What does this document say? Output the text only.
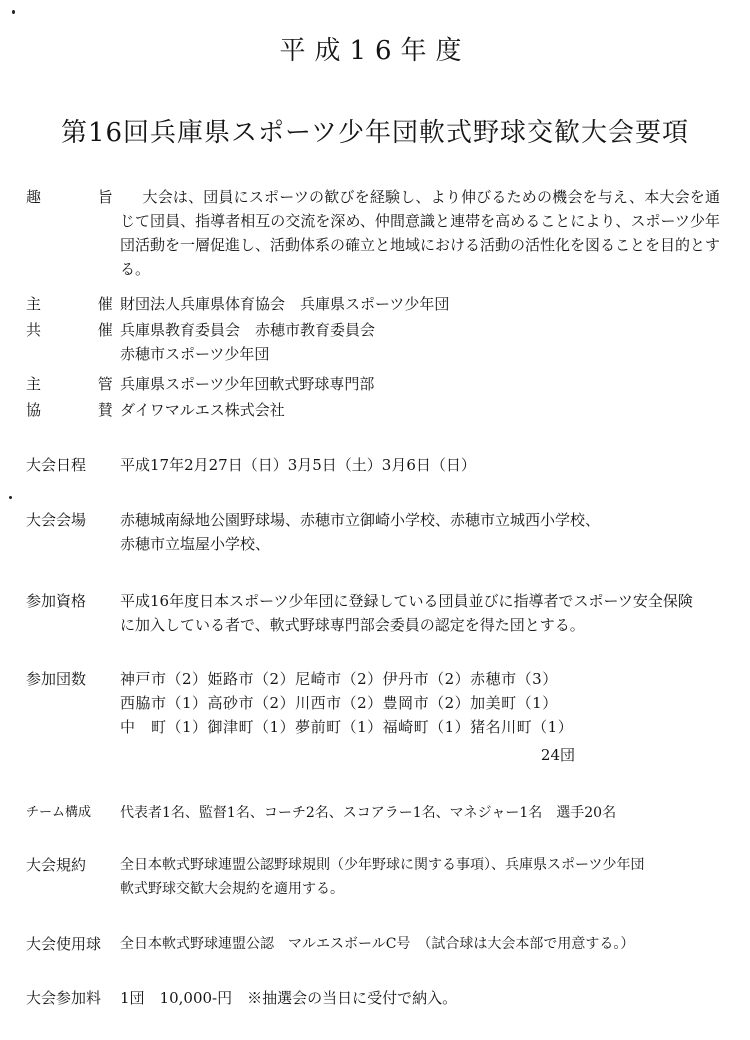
平成16年度
第16回兵庫県スポーツ少年団軟式野球交歓大会要項
趣 旨 大会は、団員にスポーツの歓びを経験し、より伸びるための機会を与え、本大会を通じて団員、指導者相互の交流を深め、仲間意識と連帯を高めることにより、スポーツ少年団活動を一層促進し、活動体系の確立と地域における活動の活性化を図ることを目的とする。
主 催
財団法人兵庫県体育協会　兵庫県スポーツ少年団
共 催
兵庫県教育委員会　赤穂市教育委員会
赤穂市スポーツ少年団
主 管
兵庫県スポーツ少年団軟式野球専門部
協 賛
ダイワマルエス株式会社
大会日程 平成17年2月27日（日）3月5日（土）3月6日（日）
大会会場 赤穂城南緑地公園野球場、赤穂市立御崎小学校、赤穂市立城西小学校、
赤穂市立塩屋小学校、
参加資格 平成16年度日本スポーツ少年団に登録している団員並びに指導者でスポーツ安全保険
に加入している者で、軟式野球専門部会委員の認定を得た団とする。
参加団数 神戸市（2）姫路市（2）尼崎市（2）伊丹市（2）赤穂市（3）
西脇市（1）高砂市（2）川西市（2）豊岡市（2）加美町（1）
中　町（1）御津町（1）夢前町（1）福崎町（1）猪名川町（1）
24団
チーム構成 代表者1名、監督1名、コーチ2名、スコアラー1名、マネジャー1名　選手20名
大会規約 全日本軟式野球連盟公認野球規則（少年野球に関する事項）、兵庫県スポーツ少年団
軟式野球交歓大会規約を適用する。
大会使用球 全日本軟式野球連盟公認　マルエスボールC号　（試合球は大会本部で用意する。）
大会参加料 1団　10,000-円　※抽選会の当日に受付で納入。
